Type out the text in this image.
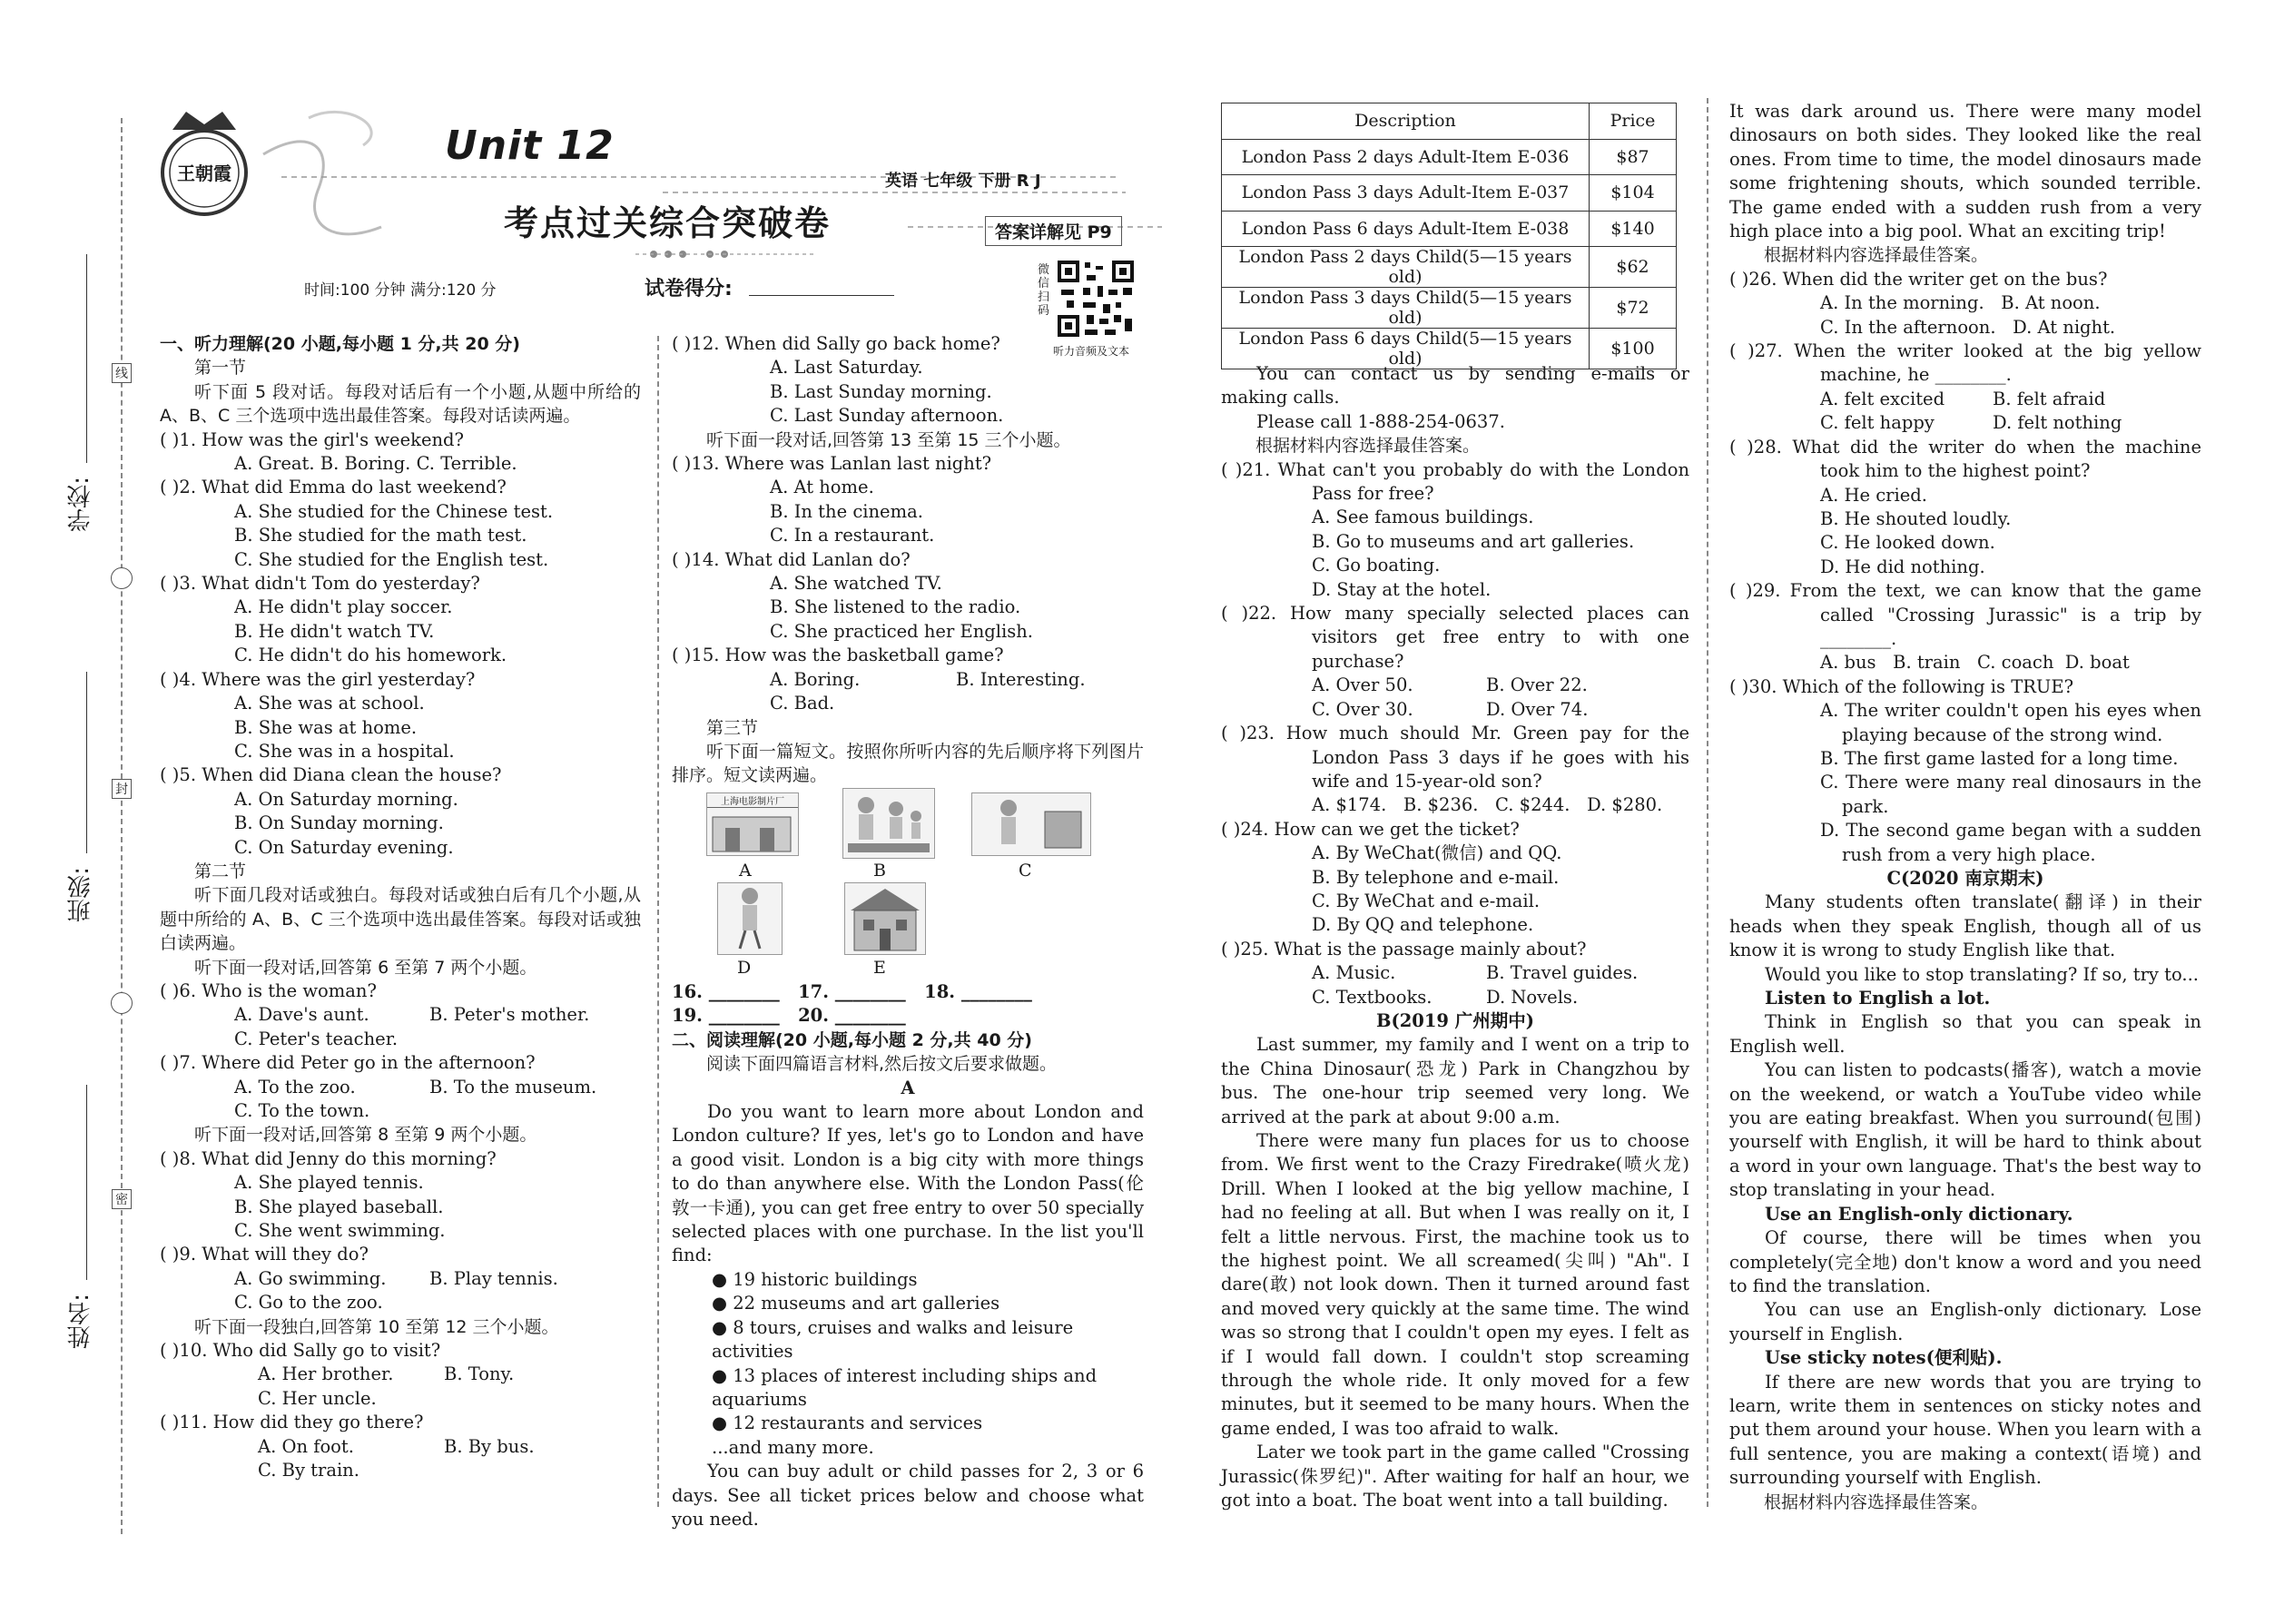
学校:
班级:
姓名:
线
封
密
王朝霞
Unit 12
考点过关综合突破卷
英语 七年级 下册 R J
答案详解见 P9
时间:100 分钟 满分:120 分	试卷得分:
微信扫码
听力音频及文本

一、听力理解(20 小题,每小题 1 分,共 20 分)

第一节

听下面 5 段对话。每段对话后有一个小题,从题中所给的 A、B、C 三个选项中选出最佳答案。每段对话读两遍。

( )1. How was the girl's weekend?

A. Great. B. Boring. C. Terrible.

( )2. What did Emma do last weekend?

A. She studied for the Chinese test.

B. She studied for the math test.

C. She studied for the English test.

( )3. What didn't Tom do yesterday?

A. He didn't play soccer.

B. He didn't watch TV.

C. He didn't do his homework.

( )4. Where was the girl yesterday?

A. She was at school.

B. She was at home.

C. She was in a hospital.

( )5. When did Diana clean the house?

A. On Saturday morning.

B. On Sunday morning.

C. On Saturday evening.

第二节

听下面几段对话或独白。每段对话或独白后有几个小题,从题中所给的 A、B、C 三个选项中选出最佳答案。每段对话或独白读两遍。

听下面一段对话,回答第 6 至第 7 两个小题。

( )6. Who is the woman?

A. Dave's aunt.	B. Peter's mother.

C. Peter's teacher.

( )7. Where did Peter go in the afternoon?

A. To the zoo.	B. To the museum.

C. To the town.

听下面一段对话,回答第 8 至第 9 两个小题。

( )8. What did Jenny do this morning?

A. She played tennis.

B. She played baseball.

C. She went swimming.

( )9. What will they do?

A. Go swimming.	B. Play tennis.

C. Go to the zoo.

听下面一段独白,回答第 10 至第 12 三个小题。

( )10. Who did Sally go to visit?

A. Her brother.	B. Tony.

C. Her uncle.

( )11. How did they go there?

A. On foot.	B. By bus.

C. By train.

( )12. When did Sally go back home?

A. Last Saturday.

B. Last Sunday morning.

C. Last Sunday afternoon.

听下面一段对话,回答第 13 至第 15 三个小题。

( )13. Where was Lanlan last night?

A. At home.

B. In the cinema.

C. In a restaurant.

( )14. What did Lanlan do?

A. She watched TV.

B. She listened to the radio.

C. She practiced her English.

( )15. How was the basketball game?

A. Boring.	B. Interesting.

C. Bad.

第三节

听下面一篇短文。按照你所听内容的先后顺序将下列图片排序。短文读两遍。

上海电影制片厂
A	B	C
D	E

16. ________   17. ________   18. ________

19. ________   20. ________

二、阅读理解(20 小题,每小题 2 分,共 40 分)

阅读下面四篇语言材料,然后按文后要求做题。

A

Do you want to learn more about London and London culture? If yes, let's go to London and have a good visit. London is a big city with more things to do than anywhere else. With the London Pass(伦敦一卡通), you can get free entry to over 50 specially selected places with one purchase. In the list you'll find:

● 19 historic buildings

● 22 museums and art galleries

● 8 tours, cruises and walks and leisure activities

● 13 places of interest including ships and aquariums

● 12 restaurants and services

...and many more.

You can buy adult or child passes for 2, 3 or 6 days. See all ticket prices below and choose what you need.

Description	Price
London Pass 2 days Adult-Item E-036	$87
London Pass 3 days Adult-Item E-037	$104
London Pass 6 days Adult-Item E-038	$140
London Pass 2 days Child(5—15 years old)	$62
London Pass 3 days Child(5—15 years old)	$72
London Pass 6 days Child(5—15 years old)	$100

You can contact us by sending e-mails or making calls.

Please call 1-888-254-0637.

根据材料内容选择最佳答案。

( )21. What can't you probably do with the London Pass for free?

A. See famous buildings.

B. Go to museums and art galleries.

C. Go boating.

D. Stay at the hotel.

( )22. How many specially selected places can visitors get free entry to with one purchase?

A. Over 50.	B. Over 22.

C. Over 30.	D. Over 74.

( )23. How much should Mr. Green pay for the London Pass 3 days if he goes with his wife and 15-year-old son?

A. $174.   B. $236.   C. $244.   D. $280.

( )24. How can we get the ticket?

A. By WeChat(微信) and QQ.

B. By telephone and e-mail.

C. By WeChat and e-mail.

D. By QQ and telephone.

( )25. What is the passage mainly about?

A. Music.	B. Travel guides.

C. Textbooks.	D. Novels.

B(2019 广州期中)

Last summer, my family and I went on a trip to the China Dinosaur(恐龙) Park in Changzhou by bus. The one-hour trip seemed very long. We arrived at the park at about 9:00 a.m.

There were many fun places for us to choose from. We first went to the Crazy Firedrake(喷火龙) Drill. When I looked at the big yellow machine, I had no feeling at all. But when I was really on it, I felt a little nervous. First, the machine took us to the highest point. We all screamed(尖叫) "Ah". I dare(敢) not look down. Then it turned around fast and moved very quickly at the same time. The wind was so strong that I couldn't open my eyes. I felt as if I would fall down. I couldn't stop screaming through the whole ride. It only moved for a few minutes, but it seemed to be many hours. When the game ended, I was too afraid to walk.

Later we took part in the game called "Crossing Jurassic(侏罗纪)". After waiting for half an hour, we got into a boat. The boat went into a tall building.

It was dark around us. There were many model dinosaurs on both sides. They looked like the real ones. From time to time, the model dinosaurs made some frightening shouts, which sounded terrible. The game ended with a sudden rush from a very high place into a big pool. What an exciting trip!

根据材料内容选择最佳答案。

( )26. When did the writer get on the bus?

A. In the morning.   B. At noon.

C. In the afternoon.   D. At night.

( )27. When the writer looked at the big yellow machine, he ________.

A. felt excited	B. felt afraid

C. felt happy	D. felt nothing

( )28. What did the writer do when the machine took him to the highest point?

A. He cried.

B. He shouted loudly.

C. He looked down.

D. He did nothing.

( )29. From the text, we can know that the game called "Crossing Jurassic" is a trip by ________.

A. bus   B. train   C. coach  D. boat

( )30. Which of the following is TRUE?

A. The writer couldn't open his eyes when playing because of the strong wind.

B. The first game lasted for a long time.

C. There were many real dinosaurs in the park.

D. The second game began with a sudden rush from a very high place.

C(2020 南京期末)

Many students often translate(翻译) in their heads when they speak English, though all of us know it is wrong to study English like that.

Would you like to stop translating? If so, try to...

Listen to English a lot.

Think in English so that you can speak in English well.

You can listen to podcasts(播客), watch a movie on the weekend, or watch a YouTube video while you are eating breakfast. When you surround(包围) yourself with English, it will be hard to think about a word in your own language. That's the best way to stop translating in your head.

Use an English-only dictionary.

Of course, there will be times when you completely(完全地) don't know a word and you need to find the translation.

You can use an English-only dictionary. Lose yourself in English.

Use sticky notes(便利贴).

If there are new words that you are trying to learn, write them in sentences on sticky notes and put them around your house. When you learn with a full sentence, you are making a context(语境) and surrounding yourself with English.

根据材料内容选择最佳答案。
